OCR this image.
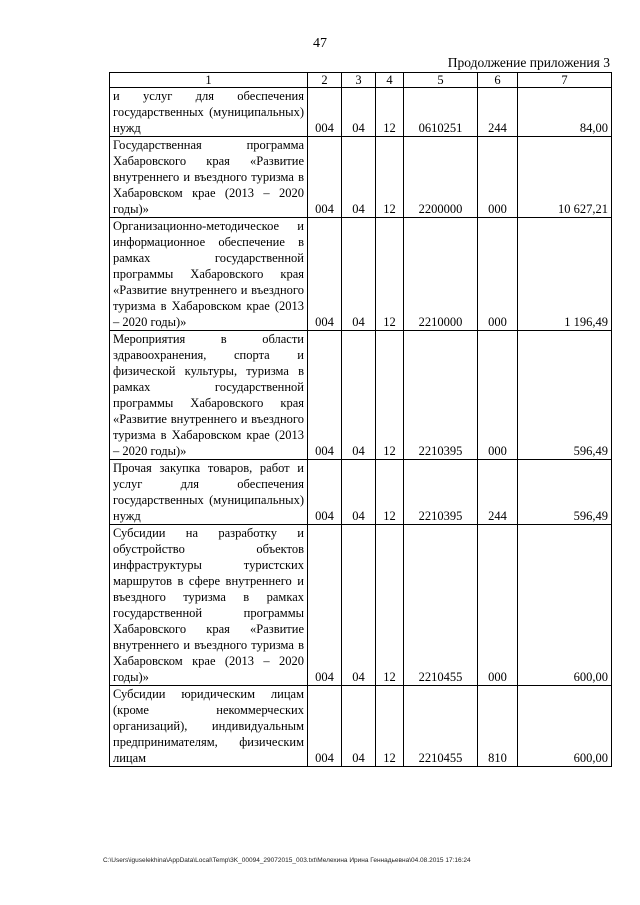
47
Продолжение приложения 3
1	2	3	4	5	6	7
и услуг для обеспечения государственных (муниципальных) нужд	004	04	12	0610251	244	84,00
Государственная программа Хабаровского края «Развитие внутреннего и въездного туризма в Хабаровском крае (2013 – 2020 годы)»	004	04	12	2200000	000	10 627,21
Организационно-методическое и информационное обеспечение в рамках государственной программы Хабаровского края «Развитие внутреннего и въездного туризма в Хабаровском крае (2013 – 2020 годы)»	004	04	12	2210000	000	1 196,49
Мероприятия в области здравоохранения, спорта и физической культуры, туризма в рамках государственной программы Хабаровского края «Развитие внутреннего и въездного туризма в Хабаровском крае (2013 – 2020 годы)»	004	04	12	2210395	000	596,49
Прочая закупка товаров, работ и услуг для обеспечения государственных (муниципальных) нужд	004	04	12	2210395	244	596,49
Субсидии на разработку и обустройство объектов инфраструктуры туристских маршрутов в сфере внутреннего и въездного туризма в рамках государственной программы Хабаровского края «Развитие внутреннего и въездного туризма в Хабаровском крае (2013 – 2020 годы)»	004	04	12	2210455	000	600,00
Субсидии юридическим лицам (кроме некоммерческих организаций), индивидуальным предпринимателям, физическим лицам	004	04	12	2210455	810	600,00
C:\Users\iguselekhina\AppData\Local\Temp\3K_00094_29072015_003.txt\Мелехина Ирина Геннадьевна\04.08.2015 17:16:24
